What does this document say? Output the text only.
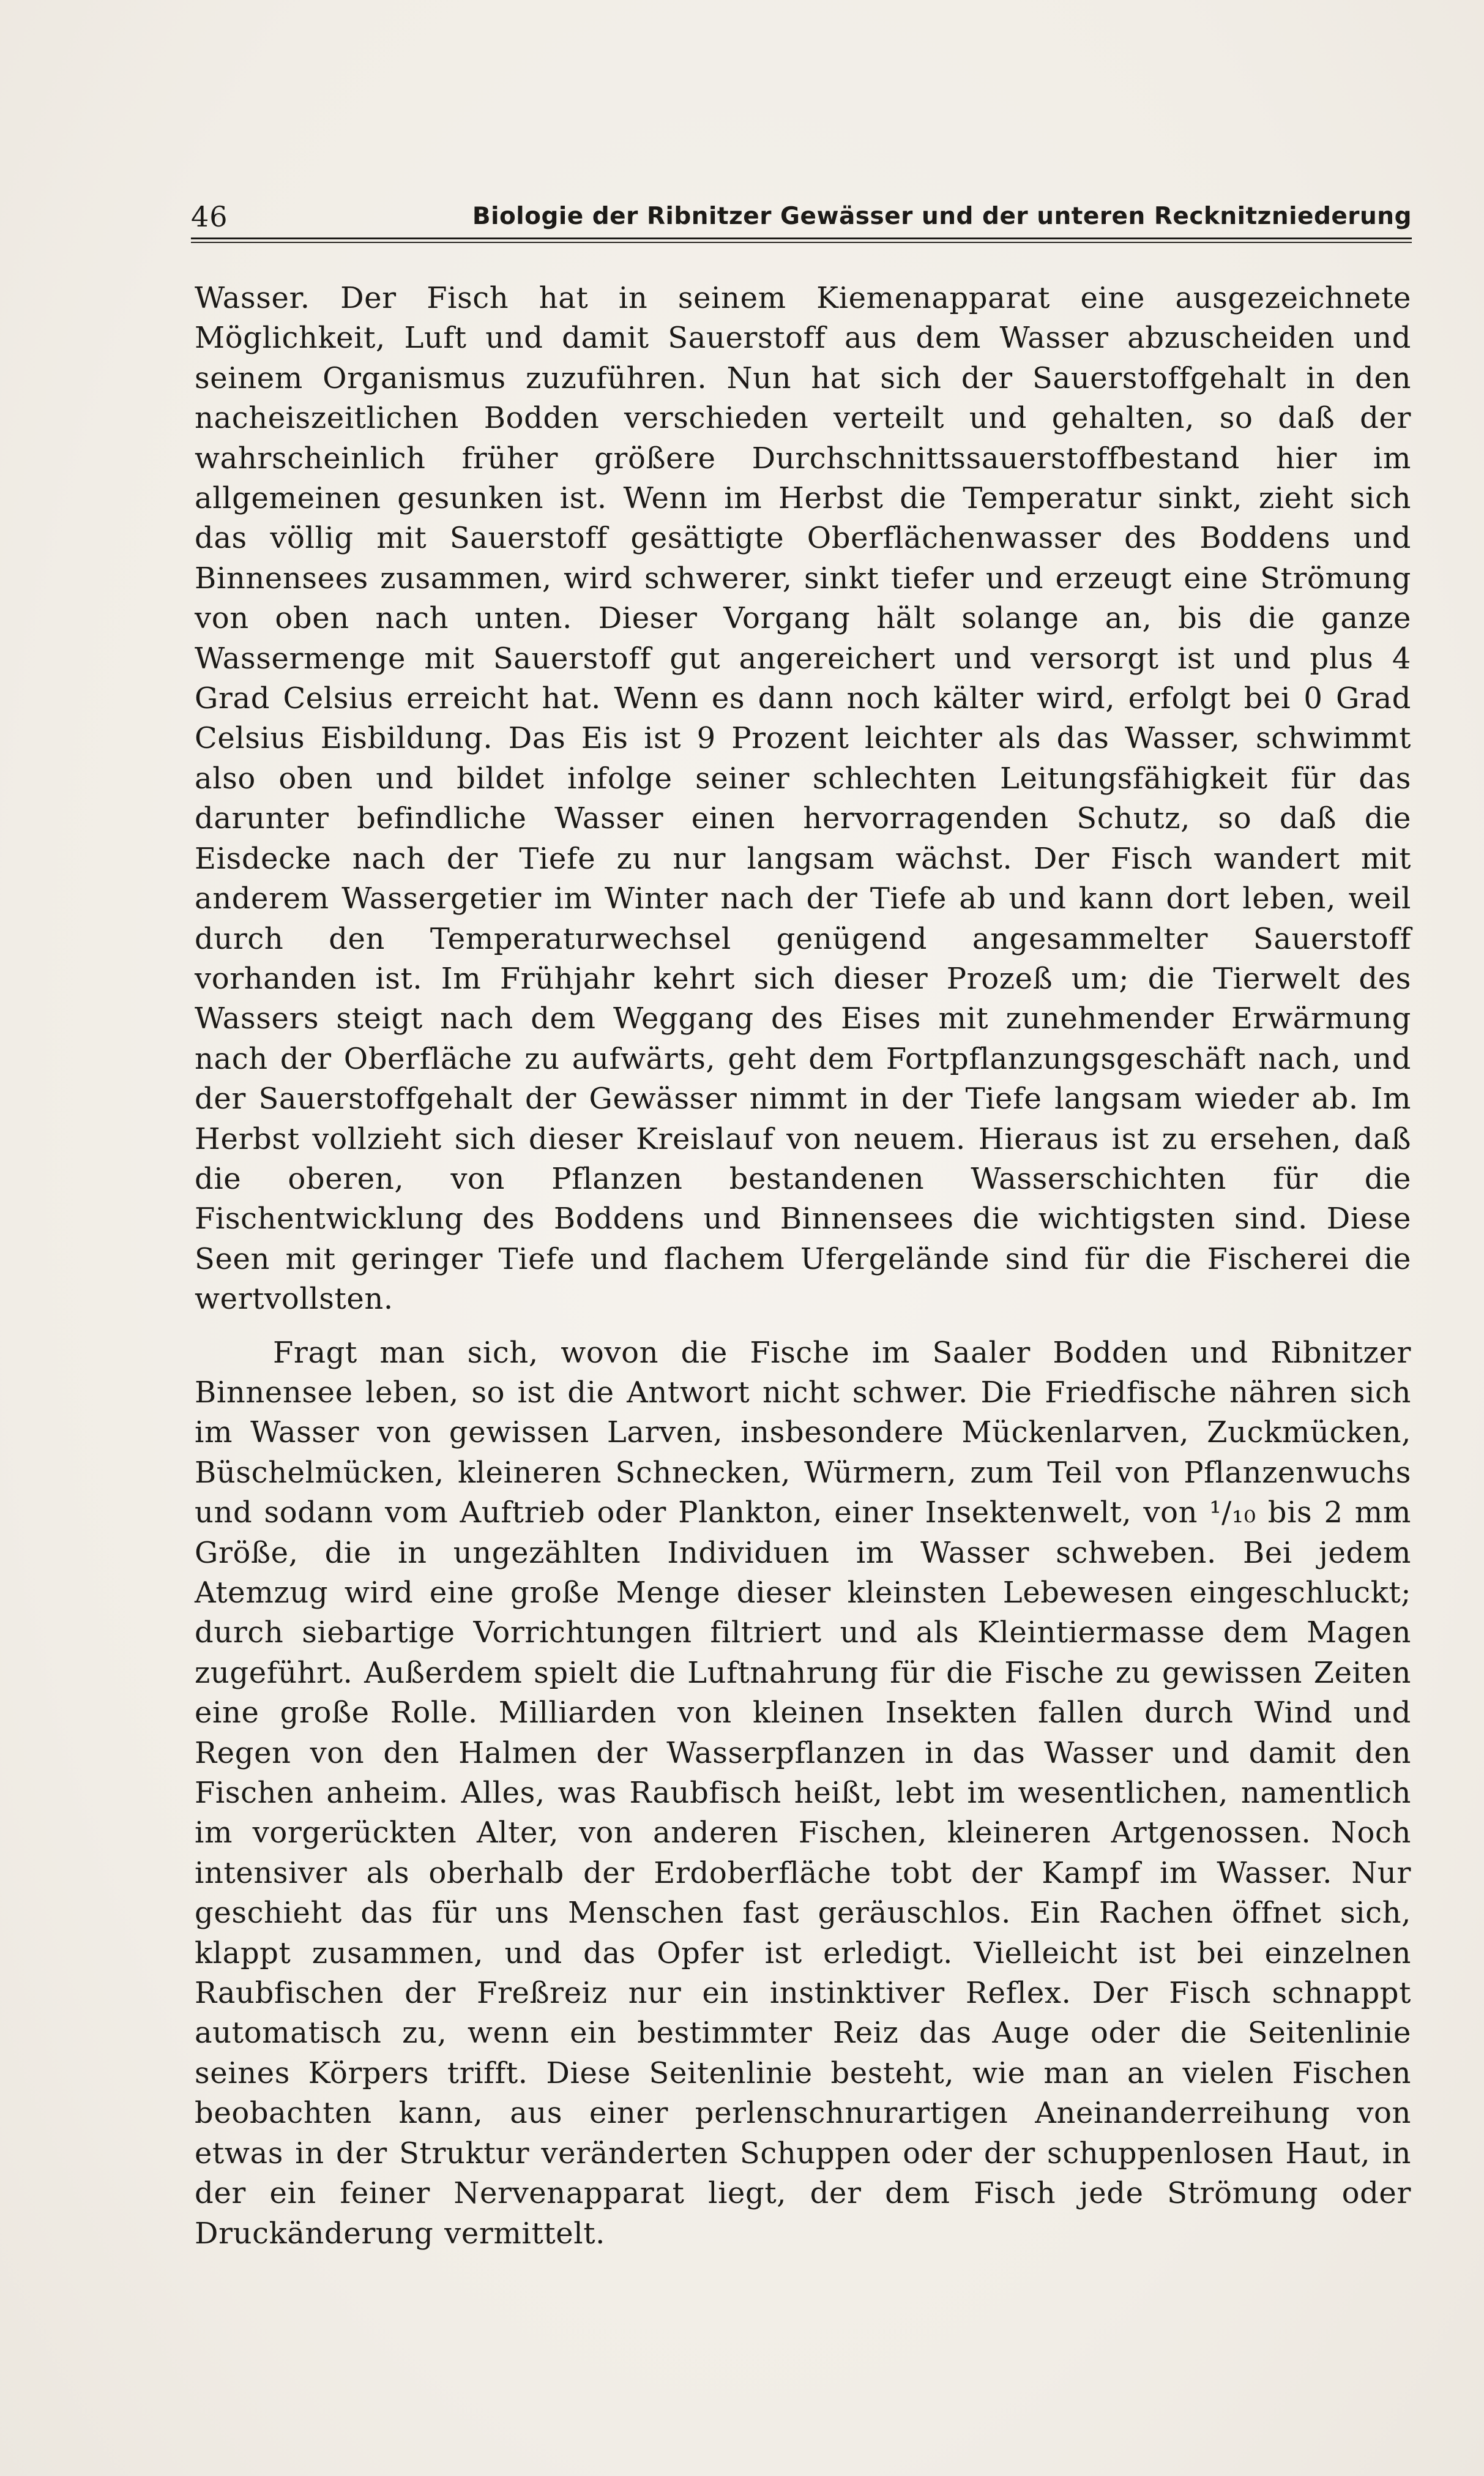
46	Biologie der Ribnitzer Gewässer und der unteren Recknitzniederung

Wasser. Der Fisch hat in seinem Kiemenapparat eine ausgezeichnete Möglichkeit, Luft und damit Sauerstoff aus dem Wasser abzuscheiden und seinem Organismus zuzuführen. Nun hat sich der Sauerstoffgehalt in den nacheiszeitlichen Bodden verschieden verteilt und gehalten, so daß der wahrscheinlich früher größere Durchschnittssauerstoffbestand hier im allgemeinen gesunken ist. Wenn im Herbst die Temperatur sinkt, zieht sich das völlig mit Sauerstoff gesättigte Oberflächenwasser des Boddens und Binnensees zusammen, wird schwerer, sinkt tiefer und erzeugt eine Strömung von oben nach unten. Dieser Vorgang hält solange an, bis die ganze Wassermenge mit Sauerstoff gut angereichert und versorgt ist und plus 4 Grad Celsius erreicht hat. Wenn es dann noch kälter wird, erfolgt bei 0 Grad Celsius Eisbildung. Das Eis ist 9 Prozent leichter als das Wasser, schwimmt also oben und bildet infolge seiner schlechten Leitungsfähigkeit für das darunter befindliche Wasser einen hervorragenden Schutz, so daß die Eisdecke nach der Tiefe zu nur langsam wächst. Der Fisch wandert mit anderem Wassergetier im Winter nach der Tiefe ab und kann dort leben, weil durch den Temperaturwechsel genügend angesammelter Sauerstoff vorhanden ist. Im Frühjahr kehrt sich dieser Prozeß um; die Tierwelt des Wassers steigt nach dem Weggang des Eises mit zunehmender Erwärmung nach der Oberfläche zu aufwärts, geht dem Fortpflanzungsgeschäft nach, und der Sauerstoffgehalt der Gewässer nimmt in der Tiefe langsam wieder ab. Im Herbst vollzieht sich dieser Kreislauf von neuem. Hieraus ist zu ersehen, daß die oberen, von Pflanzen bestandenen Wasserschichten für die Fischentwicklung des Boddens und Binnensees die wichtigsten sind. Diese Seen mit geringer Tiefe und flachem Ufergelände sind für die Fischerei die wertvollsten.

Fragt man sich, wovon die Fische im Saaler Bodden und Ribnitzer Binnensee leben, so ist die Antwort nicht schwer. Die Friedfische nähren sich im Wasser von gewissen Larven, insbesondere Mückenlarven, Zuckmücken, Büschelmücken, kleineren Schnecken, Würmern, zum Teil von Pflanzenwuchs und sodann vom Auftrieb oder Plankton, einer Insektenwelt, von ¹/₁₀ bis 2 mm Größe, die in ungezählten Individuen im Wasser schweben. Bei jedem Atemzug wird eine große Menge dieser kleinsten Lebewesen eingeschluckt; durch siebartige Vorrichtungen filtriert und als Kleintiermasse dem Magen zugeführt. Außerdem spielt die Luftnahrung für die Fische zu gewissen Zeiten eine große Rolle. Milliarden von kleinen Insekten fallen durch Wind und Regen von den Halmen der Wasserpflanzen in das Wasser und damit den Fischen anheim. Alles, was Raubfisch heißt, lebt im wesentlichen, namentlich im vorgerückten Alter, von anderen Fischen, kleineren Artgenossen. Noch intensiver als oberhalb der Erdoberfläche tobt der Kampf im Wasser. Nur geschieht das für uns Menschen fast geräuschlos. Ein Rachen öffnet sich, klappt zusammen, und das Opfer ist erledigt. Vielleicht ist bei einzelnen Raubfischen der Freßreiz nur ein instinktiver Reflex. Der Fisch schnappt automatisch zu, wenn ein bestimmter Reiz das Auge oder die Seitenlinie seines Körpers trifft. Diese Seitenlinie besteht, wie man an vielen Fischen beobachten kann, aus einer perlenschnurartigen Aneinanderreihung von etwas in der Struktur veränderten Schuppen oder der schuppenlosen Haut, in der ein feiner Nervenapparat liegt, der dem Fisch jede Strömung oder Druckänderung vermittelt.
